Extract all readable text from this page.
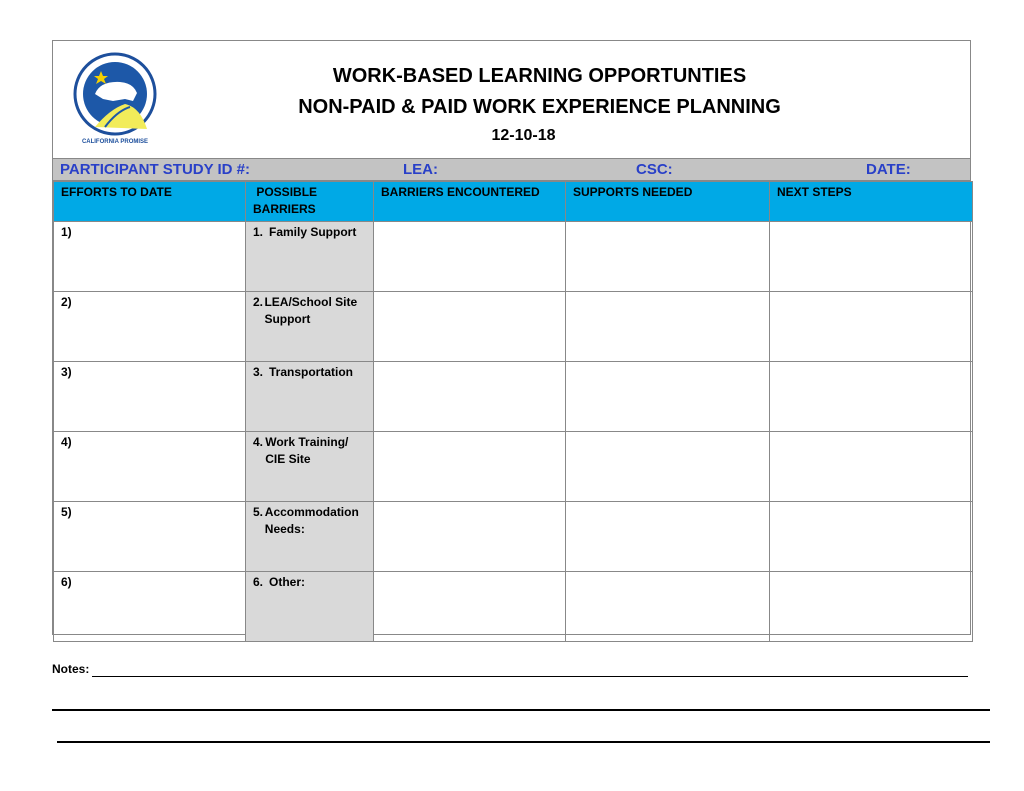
CALIFORNIA PROMISE
WORK-BASED LEARNING OPPORTUNTIES
NON-PAID & PAID WORK EXPERIENCE PLANNING
12-10-18
PARTICIPANT STUDY ID #:	LEA:	CSC:	DATE:
EFFORTS TO DATE	POSSIBLE BARRIERS	BARRIERS ENCOUNTERED	SUPPORTS NEEDED	NEXT STEPS
1)	1. Family Support			

2)	2. LEA/School Site Support			

3)	3. Transportation			

4)	4. Work Training/ CIE Site			

5)	5. Accommodation Needs:			

6)	6. Other:			

Notes:
